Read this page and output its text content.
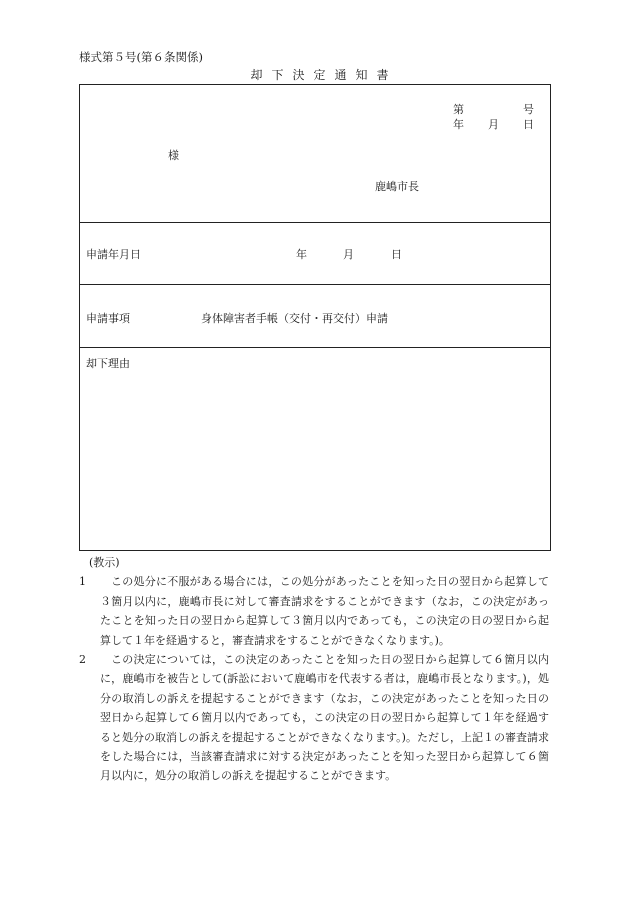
様式第５号(第６条関係)
却下決定通知書
第	号
年 月 日
様
鹿嶋市長
申請年月日	年	月	日
申請事項	身体障害者手帳（交付・再交付）申請
却下理由
(教示)
1	この処分に不服がある場合には，この処分があったことを知った日の翌日から起算して３箇月以内に，鹿嶋市長に対して審査請求をすることができます（なお，この決定があったことを知った日の翌日から起算して３箇月以内であっても，この決定の日の翌日から起算して１年を経過すると，審査請求をすることができなくなります。)。
2	この決定については，この決定のあったことを知った日の翌日から起算して６箇月以内に，鹿嶋市を被告として(訴訟において鹿嶋市を代表する者は，鹿嶋市長となります。)，処分の取消しの訴えを提起することができます（なお，この決定があったことを知った日の翌日から起算して６箇月以内であっても，この決定の日の翌日から起算して１年を経過すると処分の取消しの訴えを提起することができなくなります。)。ただし，上記１の審査請求をした場合には，当該審査請求に対する決定があったことを知った翌日から起算して６箇月以内に，処分の取消しの訴えを提起することができます。
